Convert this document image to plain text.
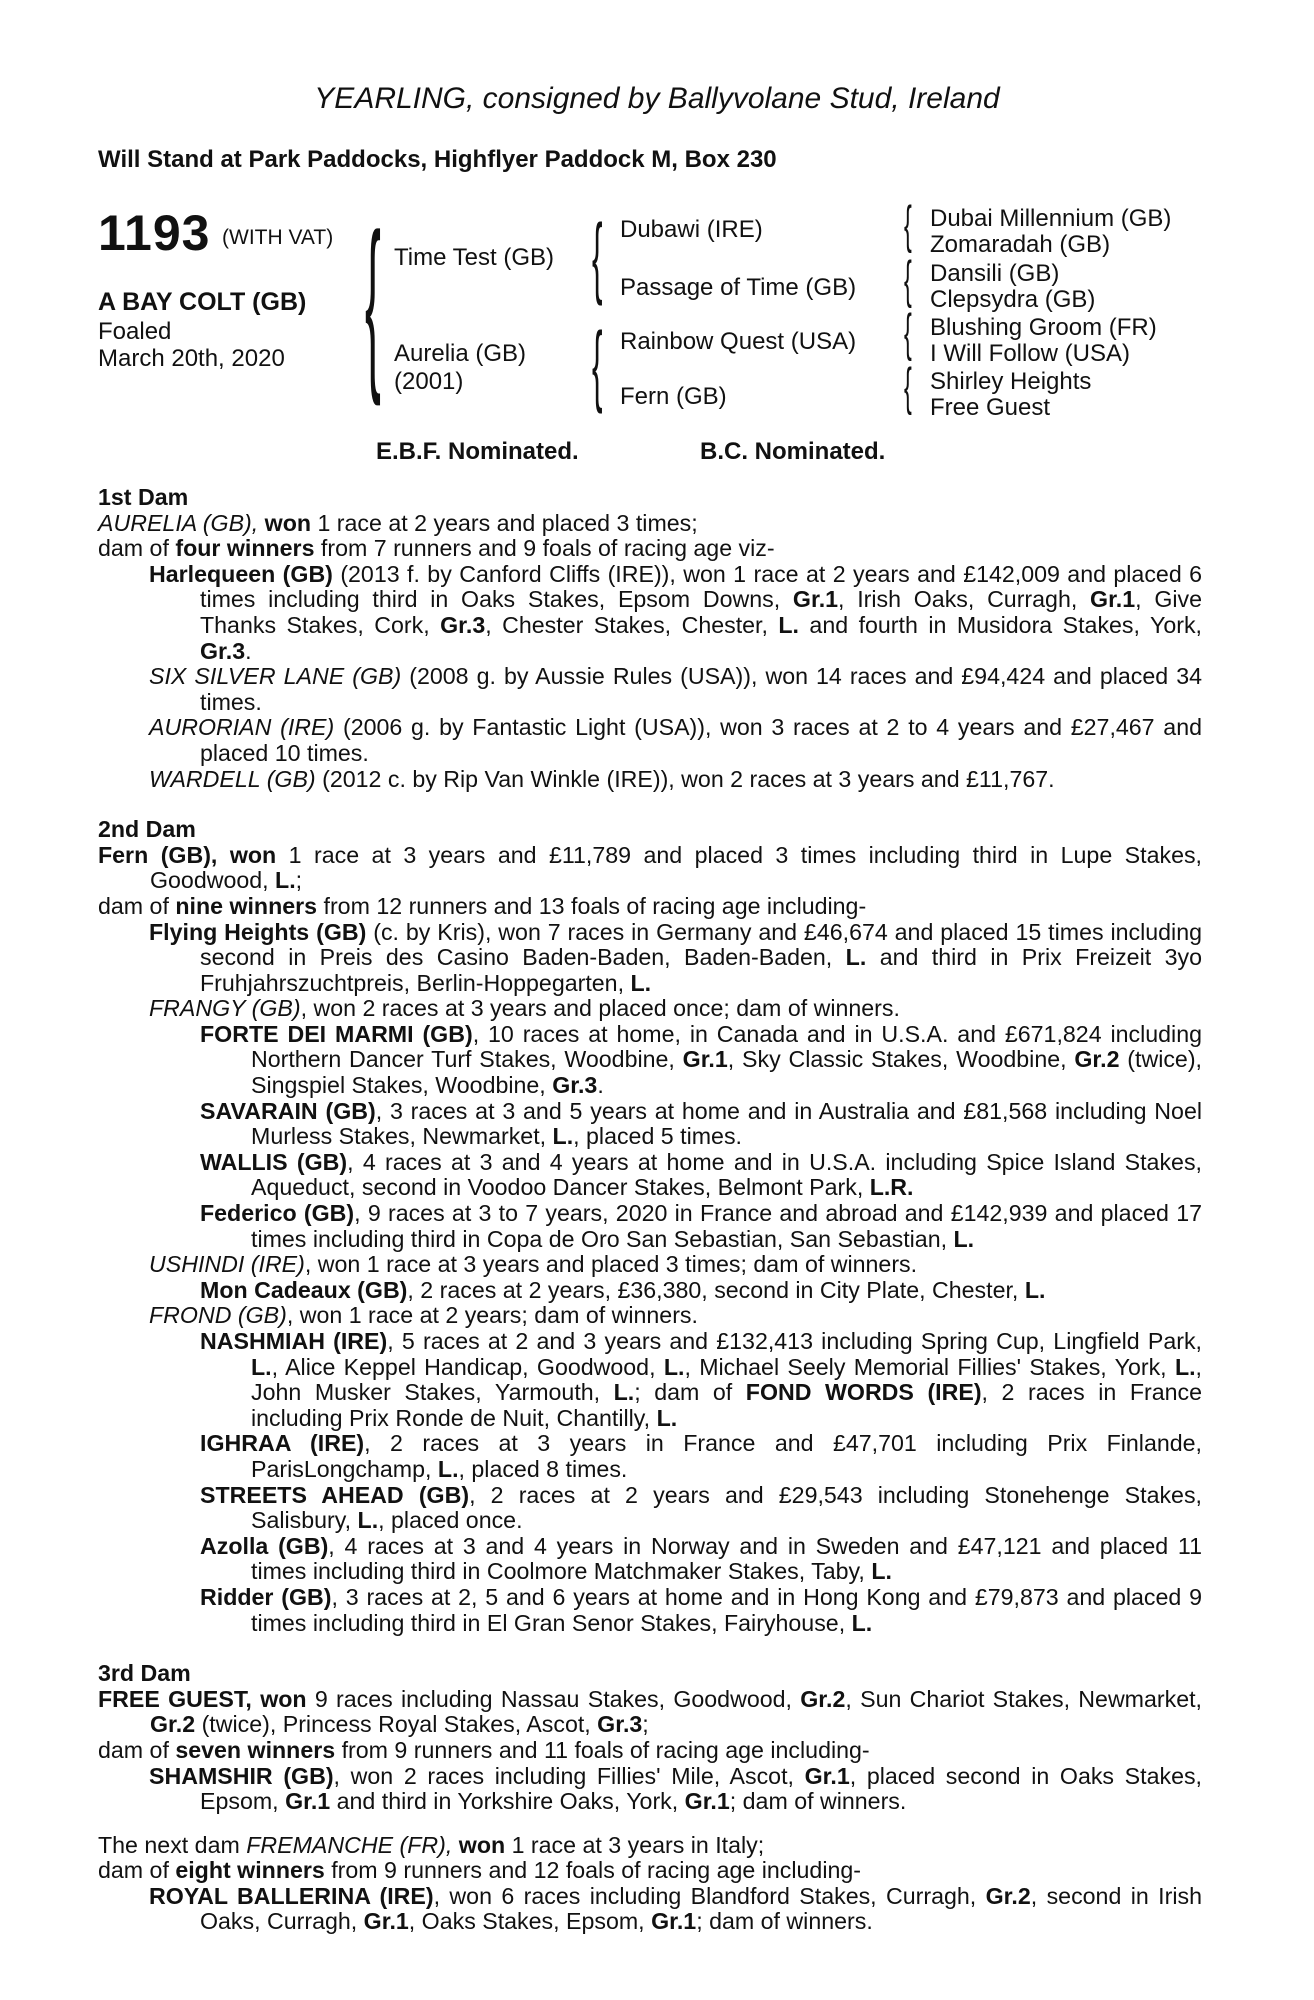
YEARLING, consigned by Ballyvolane Stud, Ireland
Will Stand at Park Paddocks, Highflyer Paddock M, Box 230
1193 (WITH VAT)
A BAY COLT (GB)
Foaled
March 20th, 2020 { {
{
{
{
{
{
Time Test (GB)
Aurelia (GB)
(2001)
Dubawi (IRE)
Passage of Time (GB)
Rainbow Quest (USA)
Fern (GB)
Dubai Millennium (GB)
Zomaradah (GB)
Dansili (GB)
Clepsydra (GB)
Blushing Groom (FR)
I Will Follow (USA)
Shirley Heights
Free Guest
E.B.F. Nominated.	B.C. Nominated.

1st Dam

AURELIA (GB), won 1 race at 2 years and placed 3 times;

dam of four winners from 7 runners and 9 foals of racing age viz-

Harlequeen (GB) (2013 f. by Canford Cliffs (IRE)), won 1 race at 2 years and £142,009 and placed 6 times including third in Oaks Stakes, Epsom Downs, Gr.1, Irish Oaks, Curragh, Gr.1, Give Thanks Stakes, Cork, Gr.3, Chester Stakes, Chester, L. and fourth in Musidora Stakes, York, Gr.3.

SIX SILVER LANE (GB) (2008 g. by Aussie Rules (USA)), won 14 races and £94,424 and placed 34 times.

AURORIAN (IRE) (2006 g. by Fantastic Light (USA)), won 3 races at 2 to 4 years and £27,467 and placed 10 times.

WARDELL (GB) (2012 c. by Rip Van Winkle (IRE)), won 2 races at 3 years and £11,767.

2nd Dam

Fern (GB), won 1 race at 3 years and £11,789 and placed 3 times including third in Lupe Stakes, Goodwood, L.;

dam of nine winners from 12 runners and 13 foals of racing age including-

Flying Heights (GB) (c. by Kris), won 7 races in Germany and £46,674 and placed 15 times including second in Preis des Casino Baden-Baden, Baden-Baden, L. and third in Prix Freizeit 3yo Fruhjahrszuchtpreis, Berlin-Hoppegarten, L.

FRANGY (GB), won 2 races at 3 years and placed once; dam of winners.

FORTE DEI MARMI (GB), 10 races at home, in Canada and in U.S.A. and £671,824 including Northern Dancer Turf Stakes, Woodbine, Gr.1, Sky Classic Stakes, Woodbine, Gr.2 (twice), Singspiel Stakes, Woodbine, Gr.3.

SAVARAIN (GB), 3 races at 3 and 5 years at home and in Australia and £81,568 including Noel Murless Stakes, Newmarket, L., placed 5 times.

WALLIS (GB), 4 races at 3 and 4 years at home and in U.S.A. including Spice Island Stakes, Aqueduct, second in Voodoo Dancer Stakes, Belmont Park, L.R.

Federico (GB), 9 races at 3 to 7 years, 2020 in France and abroad and £142,939 and placed 17 times including third in Copa de Oro San Sebastian, San Sebastian, L.

USHINDI (IRE), won 1 race at 3 years and placed 3 times; dam of winners.

Mon Cadeaux (GB), 2 races at 2 years, £36,380, second in City Plate, Chester, L.

FROND (GB), won 1 race at 2 years; dam of winners.

NASHMIAH (IRE), 5 races at 2 and 3 years and £132,413 including Spring Cup, Lingfield Park, L., Alice Keppel Handicap, Goodwood, L., Michael Seely Memorial Fillies' Stakes, York, L., John Musker Stakes, Yarmouth, L.; dam of FOND WORDS (IRE), 2 races in France including Prix Ronde de Nuit, Chantilly, L.

IGHRAA (IRE), 2 races at 3 years in France and £47,701 including Prix Finlande, ParisLongchamp, L., placed 8 times.

STREETS AHEAD (GB), 2 races at 2 years and £29,543 including Stonehenge Stakes, Salisbury, L., placed once.

Azolla (GB), 4 races at 3 and 4 years in Norway and in Sweden and £47,121 and placed 11 times including third in Coolmore Matchmaker Stakes, Taby, L.

Ridder (GB), 3 races at 2, 5 and 6 years at home and in Hong Kong and £79,873 and placed 9 times including third in El Gran Senor Stakes, Fairyhouse, L.

3rd Dam

FREE GUEST, won 9 races including Nassau Stakes, Goodwood, Gr.2, Sun Chariot Stakes, Newmarket, Gr.2 (twice), Princess Royal Stakes, Ascot, Gr.3;

dam of seven winners from 9 runners and 11 foals of racing age including-

SHAMSHIR (GB), won 2 races including Fillies' Mile, Ascot, Gr.1, placed second in Oaks Stakes, Epsom, Gr.1 and third in Yorkshire Oaks, York, Gr.1; dam of winners.

The next dam FREMANCHE (FR), won 1 race at 3 years in Italy;

dam of eight winners from 9 runners and 12 foals of racing age including-

ROYAL BALLERINA (IRE), won 6 races including Blandford Stakes, Curragh, Gr.2, second in Irish Oaks, Curragh, Gr.1, Oaks Stakes, Epsom, Gr.1; dam of winners.
